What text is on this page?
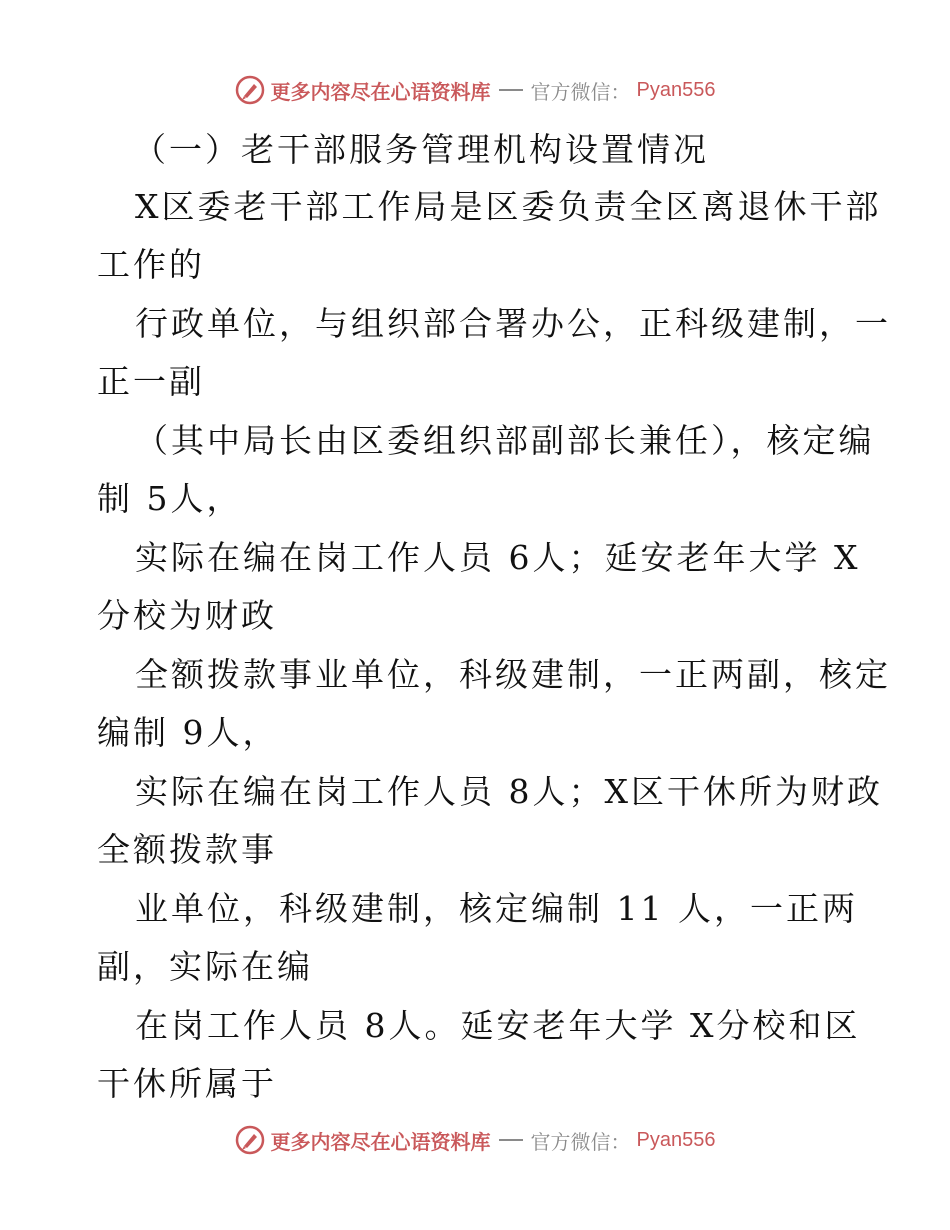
更多内容尽在心语资料库 官方微信： Pyan556
（一）老干部服务管理机构设置情况
X区委老干部工作局是区委负责全区离退休干部
工作的
行政单位，与组织部合署办公，正科级建制，一
正一副
（其中局长由区委组织部副部长兼任），核定编
制 5人，
实际在编在岗工作人员 6人；延安老年大学 X
分校为财政
全额拨款事业单位，科级建制，一正两副，核定
编制 9人，
实际在编在岗工作人员 8人；X区干休所为财政
全额拨款事
业单位，科级建制，核定编制 11 人，一正两
副，实际在编
在岗工作人员 8人。延安老年大学 X分校和区
干休所属于
更多内容尽在心语资料库 官方微信： Pyan556
